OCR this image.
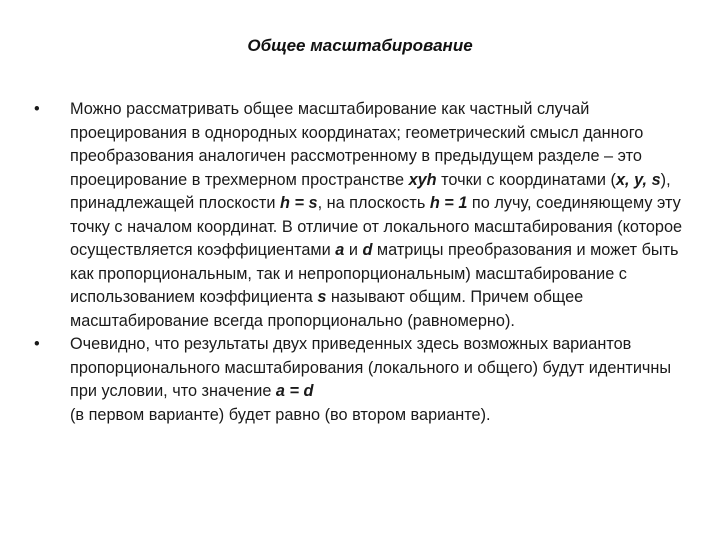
Общее масштабирование
•	Можно рассматривать общее масштабирование как частный случай проецирования в однородных координатах; геометрический смысл данного преобразования аналогичен рассмотренному в предыдущем разделе – это проецирование в трехмерном пространстве xyh точки с координатами (x, y, s), принадлежащей плоскости h = s, на плоскость h = 1 по лучу, соединяющему эту точку с началом координат. В отличие от локального масштабирования (которое осуществляется коэффициентами a и d матрицы преобразования и может быть как пропорциональным, так и непропорциональным) масштабирование с использованием коэффициента s называют общим. Причем общее масштабирование всегда пропорционально (равномерно).
•	Очевидно, что результаты двух приведенных здесь возможных вариантов пропорционального масштабирования (локального и общего) будут идентичны при условии, что значение a = d
(в первом варианте) будет равно (во втором варианте).
